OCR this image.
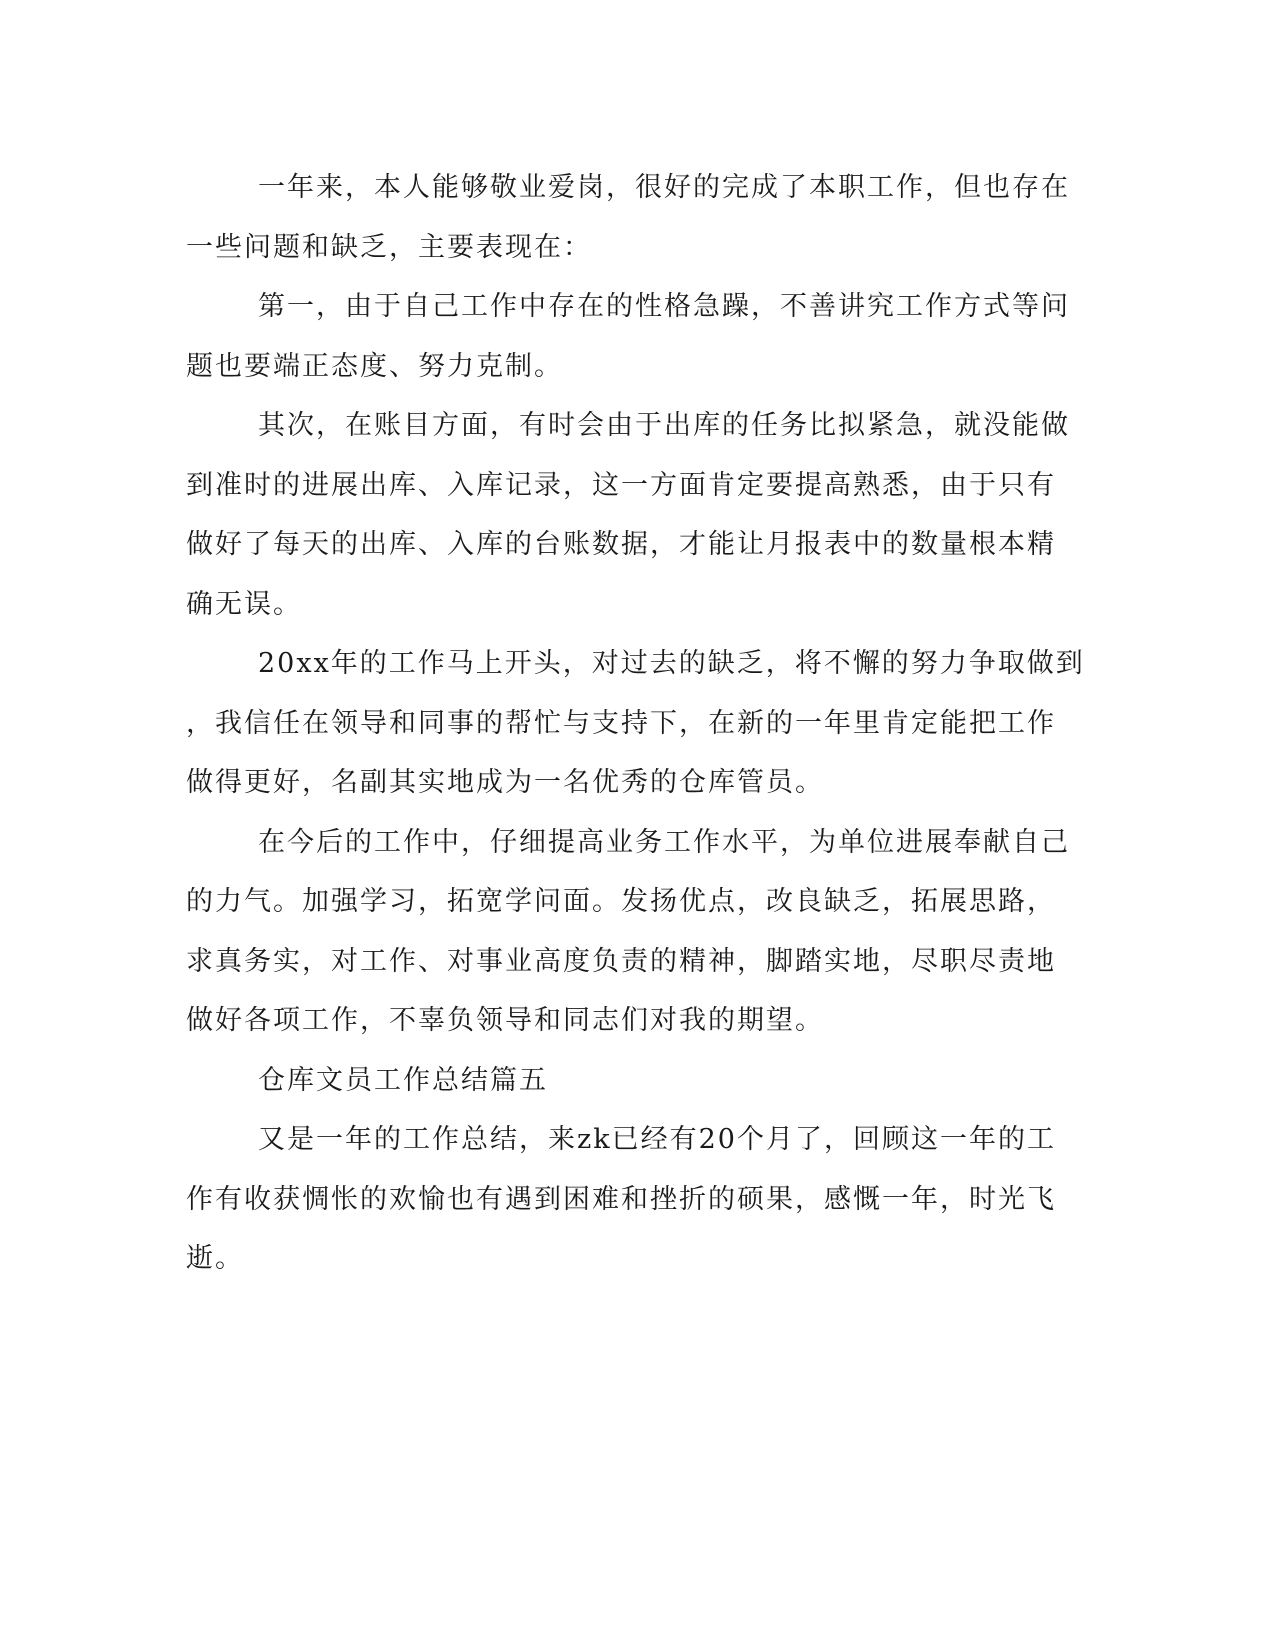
一年来，本人能够敬业爱岗，很好的完成了本职工作，但也存在
一些问题和缺乏，主要表现在：
第一，由于自己工作中存在的性格急躁，不善讲究工作方式等问
题也要端正态度、努力克制。
其次，在账目方面，有时会由于出库的任务比拟紧急，就没能做
到准时的进展出库、入库记录，这一方面肯定要提高熟悉，由于只有
做好了每天的出库、入库的台账数据，才能让月报表中的数量根本精
确无误。
20xx年的工作马上开头，对过去的缺乏，将不懈的努力争取做到
，我信任在领导和同事的帮忙与支持下，在新的一年里肯定能把工作
做得更好，名副其实地成为一名优秀的仓库管员。
在今后的工作中，仔细提高业务工作水平，为单位进展奉献自己
的力气。加强学习，拓宽学问面。发扬优点，改良缺乏，拓展思路，
求真务实，对工作、对事业高度负责的精神，脚踏实地，尽职尽责地
做好各项工作，不辜负领导和同志们对我的期望。
仓库文员工作总结篇五
又是一年的工作总结，来zk已经有20个月了，回顾这一年的工
作有收获惆怅的欢愉也有遇到困难和挫折的硕果，感慨一年，时光飞
逝。
